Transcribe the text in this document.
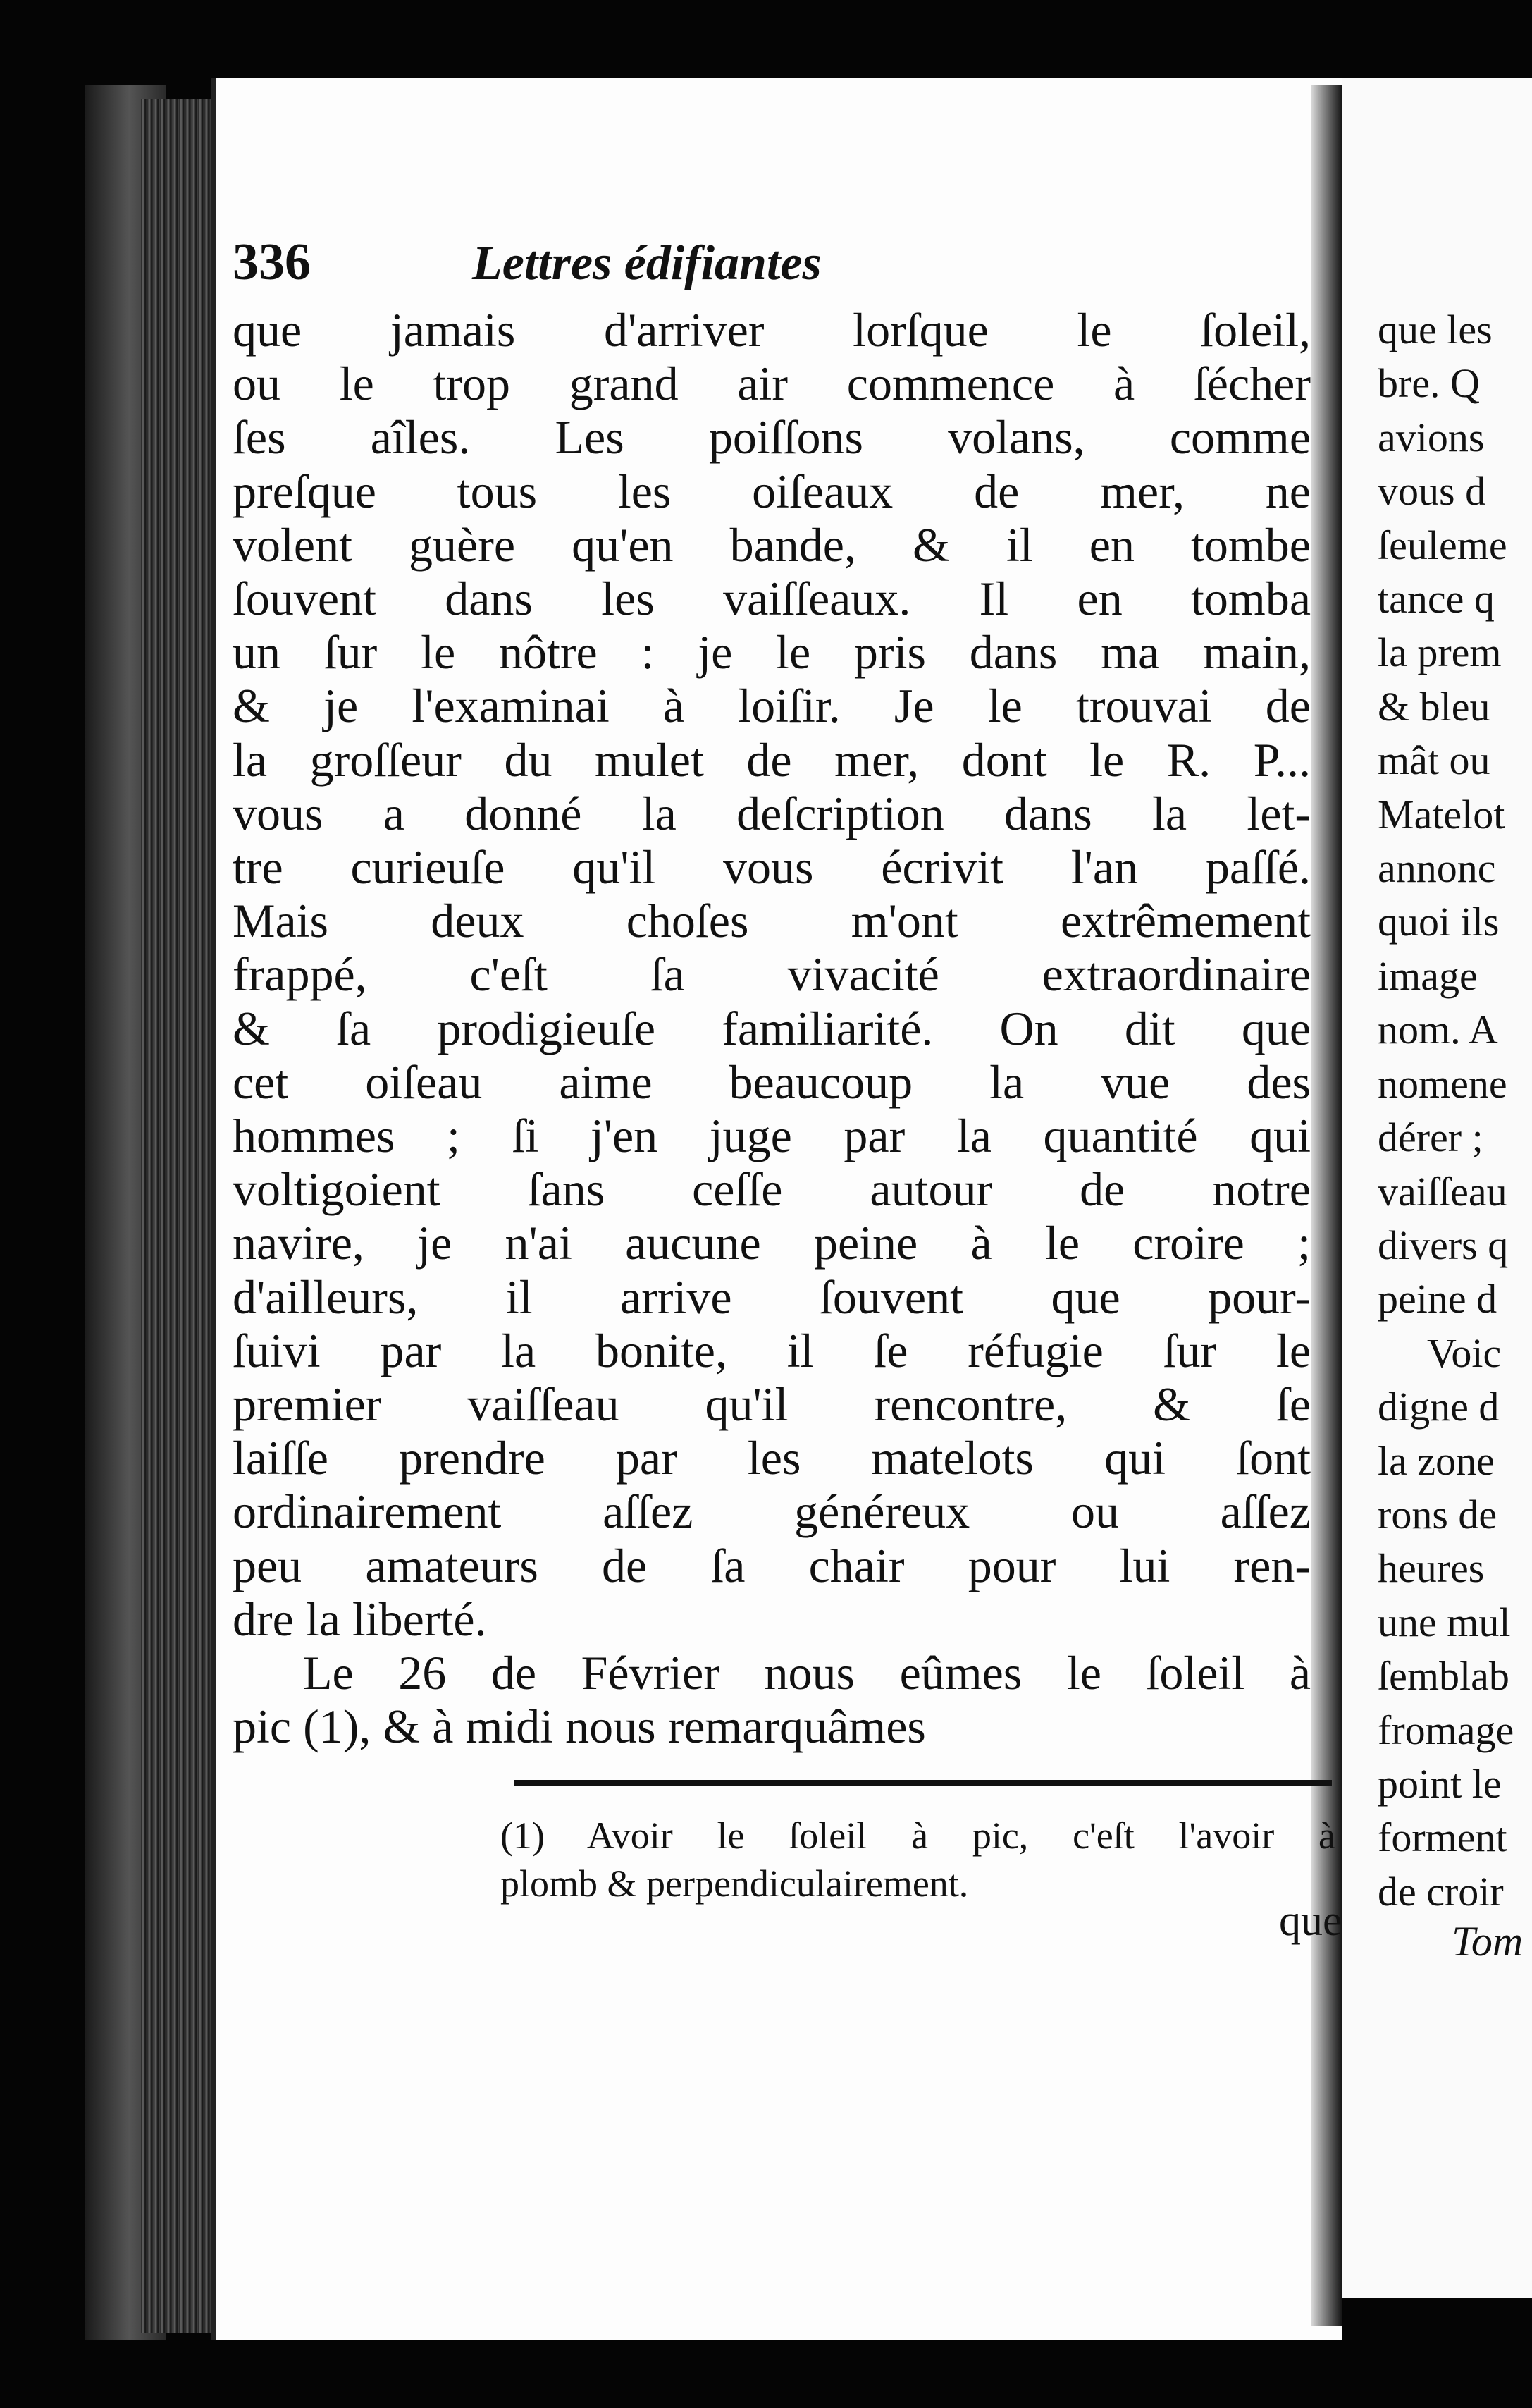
336	Lettres édifiantes
que jamais d'arriver lorſque le ſoleil,
ou le trop grand air commence à ſécher
ſes aîles. Les poiſſons volans, comme
preſque tous les oiſeaux de mer, ne
volent guère qu'en bande, & il en tombe
ſouvent dans les vaiſſeaux. Il en tomba
un ſur le nôtre : je le pris dans ma main,
& je l'examinai à loiſir. Je le trouvai de
la groſſeur du mulet de mer, dont le R. P...
vous a donné la deſcription dans la let-
tre curieuſe qu'il vous écrivit l'an paſſé.
Mais deux choſes m'ont extrêmement
frappé, c'eſt ſa vivacité extraordinaire
& ſa prodigieuſe familiarité. On dit que
cet oiſeau aime beaucoup la vue des
hommes ; ſi j'en juge par la quantité qui
voltigoient ſans ceſſe autour de notre
navire, je n'ai aucune peine à le croire ;
d'ailleurs, il arrive ſouvent que pour-
ſuivi par la bonite, il ſe réfugie ſur le
premier vaiſſeau qu'il rencontre, & ſe
laiſſe prendre par les matelots qui ſont
ordinairement aſſez généreux ou aſſez
peu amateurs de ſa chair pour lui ren-
dre la liberté.
Le 26 de Février nous eûmes le ſoleil à
pic (1), & à midi nous remarquâmes
(1) Avoir le ſoleil à pic, c'eſt l'avoir à
plomb & perpendiculairement.
que
que les
bre. Q
avions
vous d
ſeuleme
tance q
la prem
& bleu
mât ou
Matelot
annonc
quoi ils
image
nom. A
nomene
dérer ;
vaiſſeau
divers q
peine d
Voic
digne d
la zone
rons de
heures
une mul
ſemblab
fromage
point le
forment
de croir
Tom
